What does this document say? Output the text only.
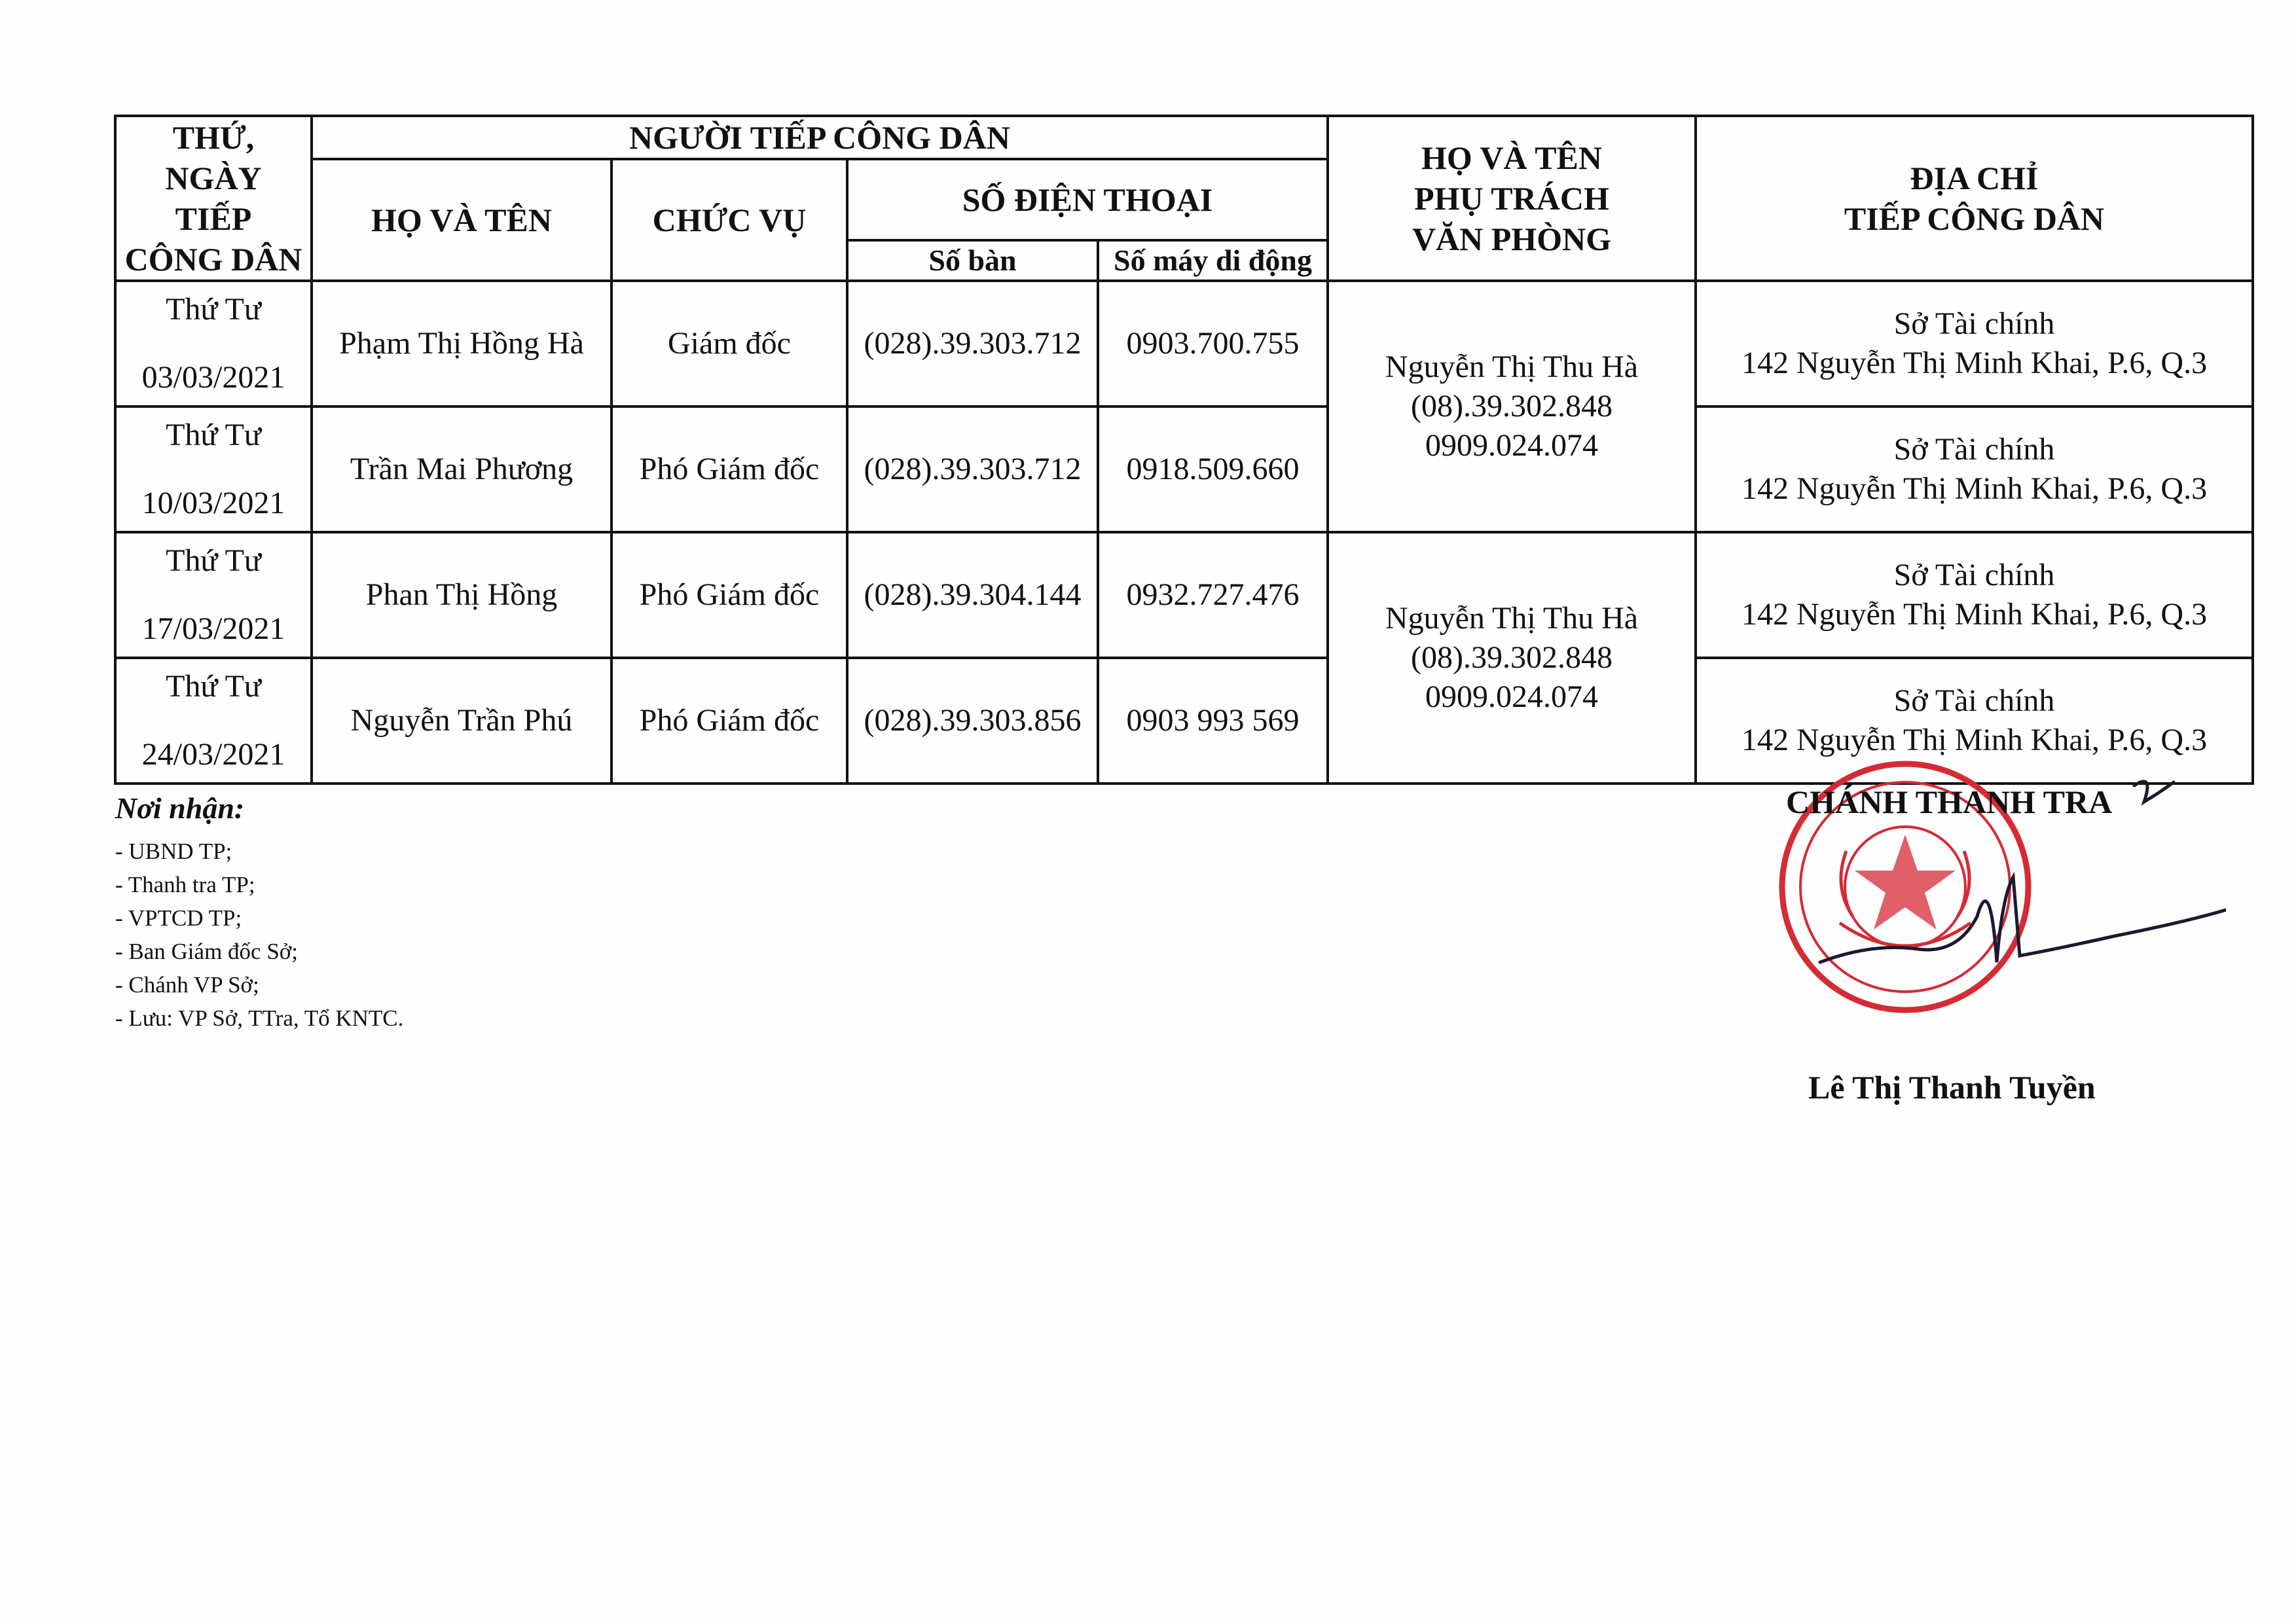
THỨ, NGÀY
TIẾP
CÔNG DÂN	NGƯỜI TIẾP CÔNG DÂN				HỌ VÀ TÊN
PHỤ TRÁCH
VĂN PHÒNG	ĐỊA CHỈ
TIẾP CÔNG DÂN
	HỌ VÀ TÊN	CHỨC VỤ	SỐ ĐIỆN THOẠI			
			Số bàn	Số máy di động		

Thứ Tư
03/03/2021	Phạm Thị Hồng Hà	Giám đốc	(028).39.303.712	0903.700.755	Nguyễn Thị Thu Hà
(08).39.302.848
0909.024.074	Sở Tài chính
142 Nguyễn Thị Minh Khai, P.6, Q.3

Thứ Tư
10/03/2021	Trần Mai Phương	Phó Giám đốc	(028).39.303.712	0918.509.660		Sở Tài chính
142 Nguyễn Thị Minh Khai, P.6, Q.3

Thứ Tư
17/03/2021	Phan Thị Hồng	Phó Giám đốc	(028).39.304.144	0932.727.476	Nguyễn Thị Thu Hà
(08).39.302.848
0909.024.074	Sở Tài chính
142 Nguyễn Thị Minh Khai, P.6, Q.3

Thứ Tư
24/03/2021	Nguyễn Trần Phú	Phó Giám đốc	(028).39.303.856	0903 993 569		Sở Tài chính
142 Nguyễn Thị Minh Khai, P.6, Q.3

Nơi nhận:

- UBND TP;
- Thanh tra TP;
- VPTCD TP;
- Ban Giám đốc Sở;
- Chánh VP Sở;
- Lưu: VP Sở, TTra, Tổ KNTC.
CHÁNH THANH TRA
Lê Thị Thanh Tuyền
